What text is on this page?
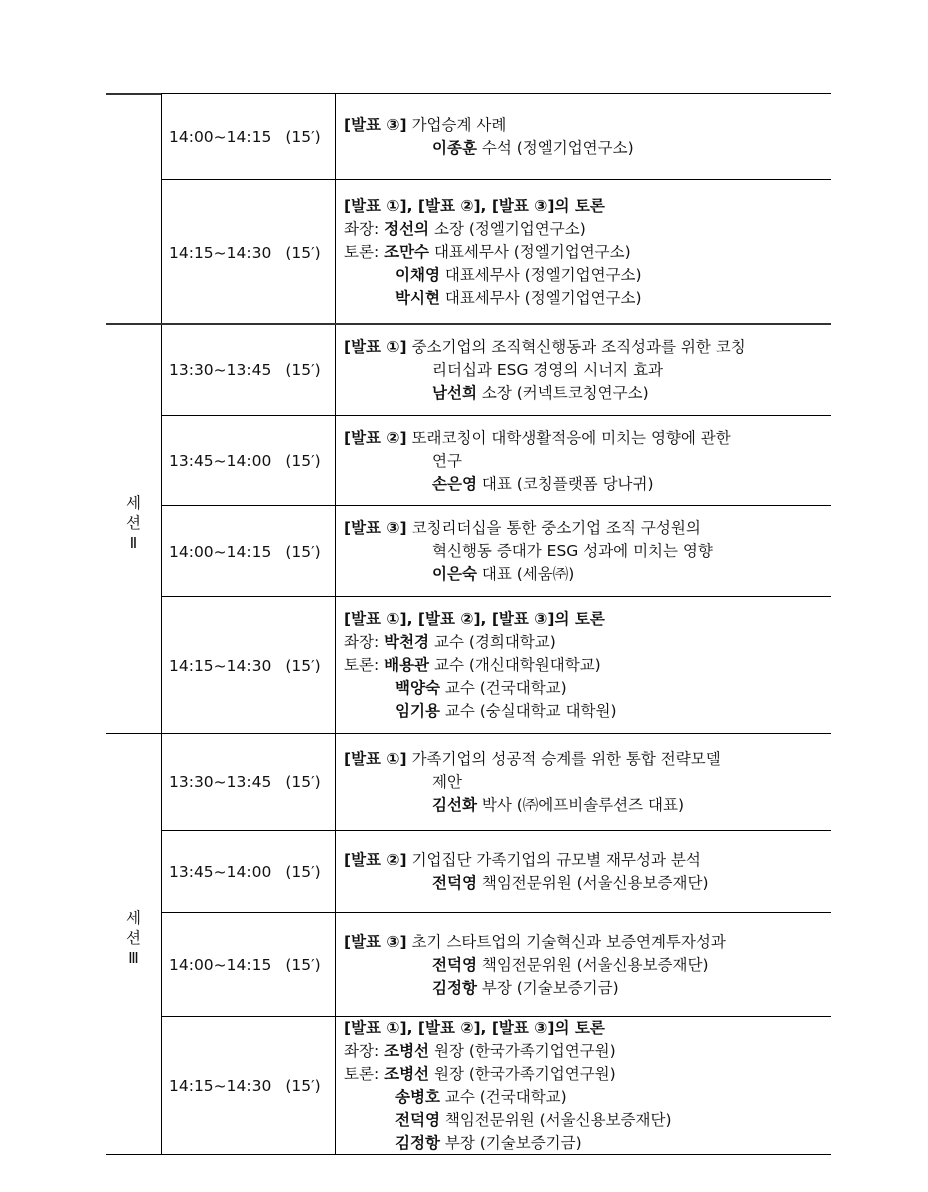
14:00~14:15 (15′)
[발표 ③] 가업승계 사례
이종훈 수석 (정엘기업연구소)
14:15~14:30 (15′)
[발표 ①], [발표 ②], [발표 ③]의 토론
좌장: 정선의 소장 (정엘기업연구소)
토론: 조만수 대표세무사 (정엘기업연구소)
이채영 대표세무사 (정엘기업연구소)
박시현 대표세무사 (정엘기업연구소)
세
션
Ⅱ
13:30~13:45 (15′)
[발표 ①] 중소기업의 조직혁신행동과 조직성과를 위한 코칭
리더십과 ESG 경영의 시너지 효과
남선희 소장 (커넥트코칭연구소)
13:45~14:00 (15′)
[발표 ②] 또래코칭이 대학생활적응에 미치는 영향에 관한
연구
손은영 대표 (코칭플랫폼 당나귀)
14:00~14:15 (15′)
[발표 ③] 코칭리더십을 통한 중소기업 조직 구성원의
혁신행동 증대가 ESG 성과에 미치는 영향
이은숙 대표 (세움㈜)
14:15~14:30 (15′)
[발표 ①], [발표 ②], [발표 ③]의 토론
좌장: 박천경 교수 (경희대학교)
토론: 배용관 교수 (개신대학원대학교)
백양숙 교수 (건국대학교)
임기용 교수 (숭실대학교 대학원)
세
션
Ⅲ
13:30~13:45 (15′)
[발표 ①] 가족기업의 성공적 승계를 위한 통합 전략모델
제안
김선화 박사 (㈜에프비솔루션즈 대표)
13:45~14:00 (15′)
[발표 ②] 기업집단 가족기업의 규모별 재무성과 분석
전덕영 책임전문위원 (서울신용보증재단)
14:00~14:15 (15′)
[발표 ③] 초기 스타트업의 기술혁신과 보증연계투자성과
전덕영 책임전문위원 (서울신용보증재단)
김정항 부장 (기술보증기금)
14:15~14:30 (15′)
[발표 ①], [발표 ②], [발표 ③]의 토론
좌장: 조병선 원장 (한국가족기업연구원)
토론: 조병선 원장 (한국가족기업연구원)
송병호 교수 (건국대학교)
전덕영 책임전문위원 (서울신용보증재단)
김정항 부장 (기술보증기금)
